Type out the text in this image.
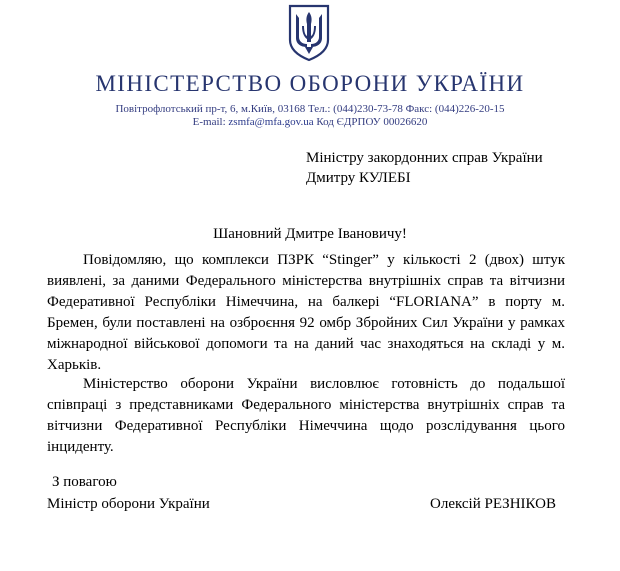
МІНІСТЕРСТВО ОБОРОНИ УКРАЇНИ
Повітрофлотський пр-т, 6, м.Київ, 03168 Тел.: (044)230-73-78 Факс: (044)226-20-15
E-mail: zsmfa@mfa.gov.ua Код ЄДРПОУ 00026620
Міністру закордонних справ України
Дмитру КУЛЕБІ
Шановний Дмитре Івановичу!

Повідомляю, що комплекси ПЗРК “Stinger” у кількості 2 (двох) штук виявлені, за даними Федерального міністерства внутрішніх справ та вітчизни Федеративної Республіки Німеччина, на балкері “FLORIANA” в порту м. Бремен, були поставлені на озброєння 92 омбр Збройних Сил України у рамках міжнародної військової допомоги та на даний час знаходяться на складі у м. Харьків.

Міністерство оборони України висловлює готовність до подальшої співпраці з представниками Федерального міністерства внутрішніх справ та вітчизни Федеративної Республіки Німеччина щодо розслідування цього інциденту.

З повагою
Міністр оборони України	Олексій РЕЗНІКОВ
